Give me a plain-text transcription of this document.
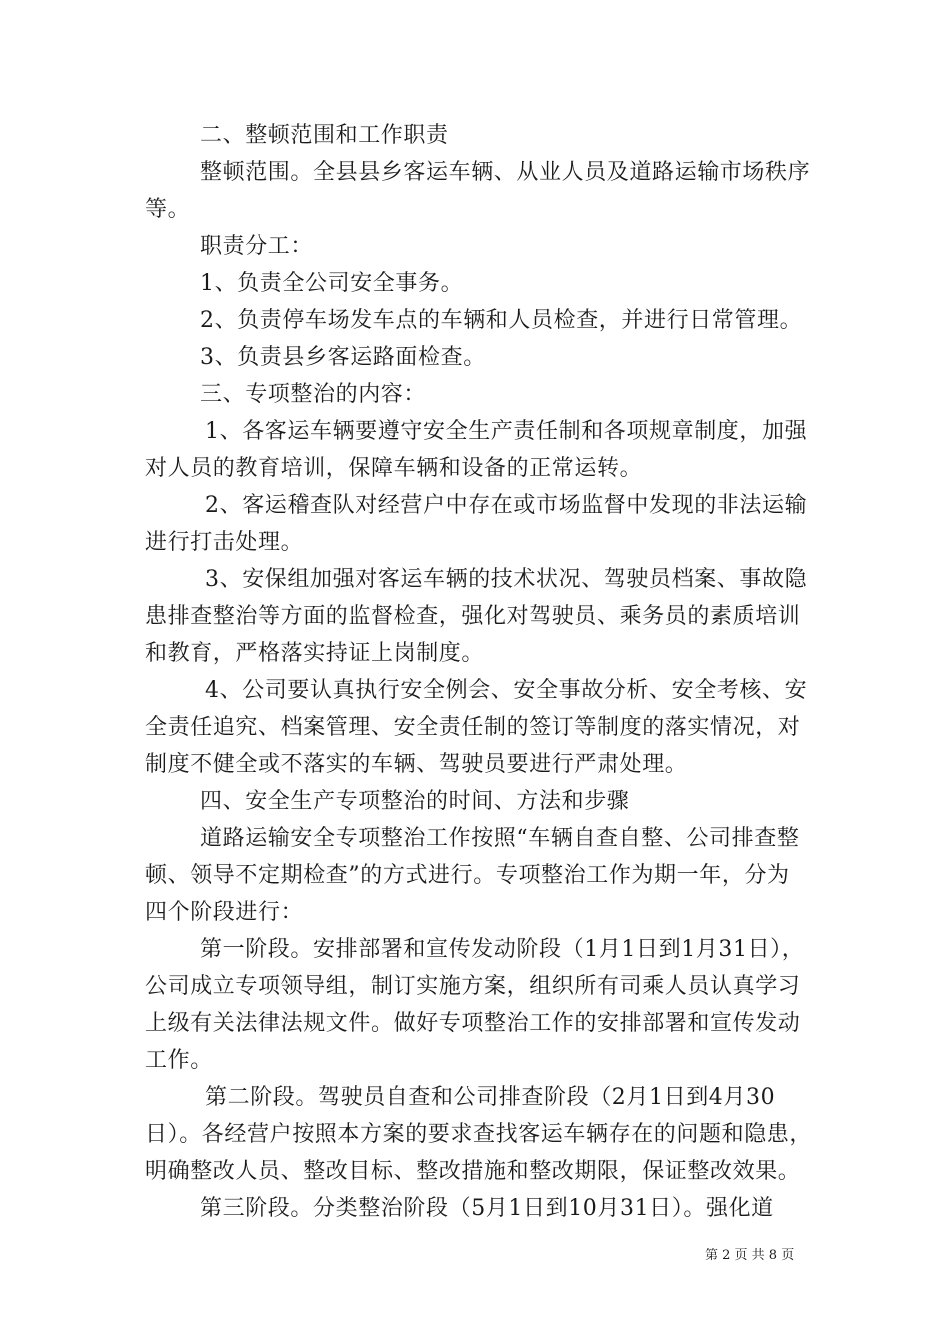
二、整顿范围和工作职责
整顿范围。全县县乡客运车辆、从业人员及道路运输市场秩序
等。
职责分工：
1、负责全公司安全事务。
2、负责停车场发车点的车辆和人员检查，并进行日常管理。
3、负责县乡客运路面检查。
三、专项整治的内容：
1、各客运车辆要遵守安全生产责任制和各项规章制度，加强
对人员的教育培训，保障车辆和设备的正常运转。
2、客运稽查队对经营户中存在或市场监督中发现的非法运输
进行打击处理。
3、安保组加强对客运车辆的技术状况、驾驶员档案、事故隐
患排查整治等方面的监督检查，强化对驾驶员、乘务员的素质培训
和教育，严格落实持证上岗制度。
4、公司要认真执行安全例会、安全事故分析、安全考核、安
全责任追究、档案管理、安全责任制的签订等制度的落实情况，对
制度不健全或不落实的车辆、驾驶员要进行严肃处理。
四、安全生产专项整治的时间、方法和步骤
道路运输安全专项整治工作按照“车辆自查自整、公司排查整
顿、领导不定期检查”的方式进行。专项整治工作为期一年，分为
四个阶段进行：
第一阶段。安排部署和宣传发动阶段（1月1日到1月31日），
公司成立专项领导组，制订实施方案，组织所有司乘人员认真学习
上级有关法律法规文件。做好专项整治工作的安排部署和宣传发动
工作。
第二阶段。驾驶员自查和公司排查阶段（2月1日到4月30
日）。各经营户按照本方案的要求查找客运车辆存在的问题和隐患，
明确整改人员、整改目标、整改措施和整改期限，保证整改效果。
第三阶段。分类整治阶段（5月1日到10月31日）。强化道
第 2 页 共 8 页
